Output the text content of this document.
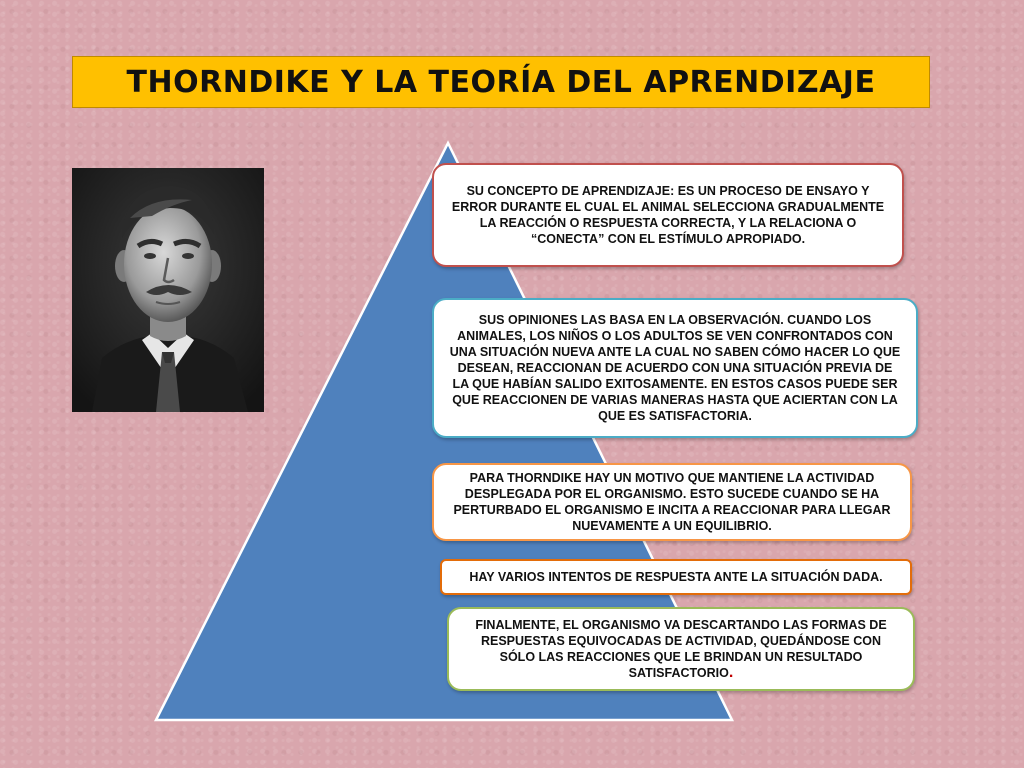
THORNDIKE Y LA TEORÍA DEL APRENDIZAJE
SU CONCEPTO DE APRENDIZAJE: ES UN PROCESO DE ENSAYO Y ERROR DURANTE EL CUAL EL ANIMAL SELECCIONA GRADUALMENTE LA REACCIÓN O RESPUESTA CORRECTA, Y LA RELACIONA O “CONECTA” CON EL ESTÍMULO APROPIADO.
SUS OPINIONES LAS BASA EN LA OBSERVACIÓN. CUANDO LOS ANIMALES, LOS NIÑOS O LOS ADULTOS SE VEN CONFRONTADOS CON UNA SITUACIÓN NUEVA ANTE LA CUAL NO SABEN CÓMO HACER LO QUE DESEAN, REACCIONAN DE ACUERDO CON UNA SITUACIÓN PREVIA DE LA QUE HABÍAN SALIDO EXITOSAMENTE. EN ESTOS CASOS PUEDE SER QUE REACCIONEN DE VARIAS MANERAS HASTA QUE ACIERTAN CON LA QUE ES SATISFACTORIA.
PARA THORNDIKE HAY UN MOTIVO QUE MANTIENE LA ACTIVIDAD DESPLEGADA POR EL ORGANISMO. ESTO SUCEDE CUANDO SE HA PERTURBADO EL ORGANISMO E INCITA A REACCIONAR PARA LLEGAR NUEVAMENTE A UN EQUILIBRIO.
HAY VARIOS INTENTOS DE RESPUESTA ANTE LA SITUACIÓN DADA.
FINALMENTE, EL ORGANISMO VA DESCARTANDO LAS FORMAS DE RESPUESTAS EQUIVOCADAS DE ACTIVIDAD, QUEDÁNDOSE CON SÓLO LAS REACCIONES QUE LE BRINDAN UN RESULTADO SATISFACTORIO.
